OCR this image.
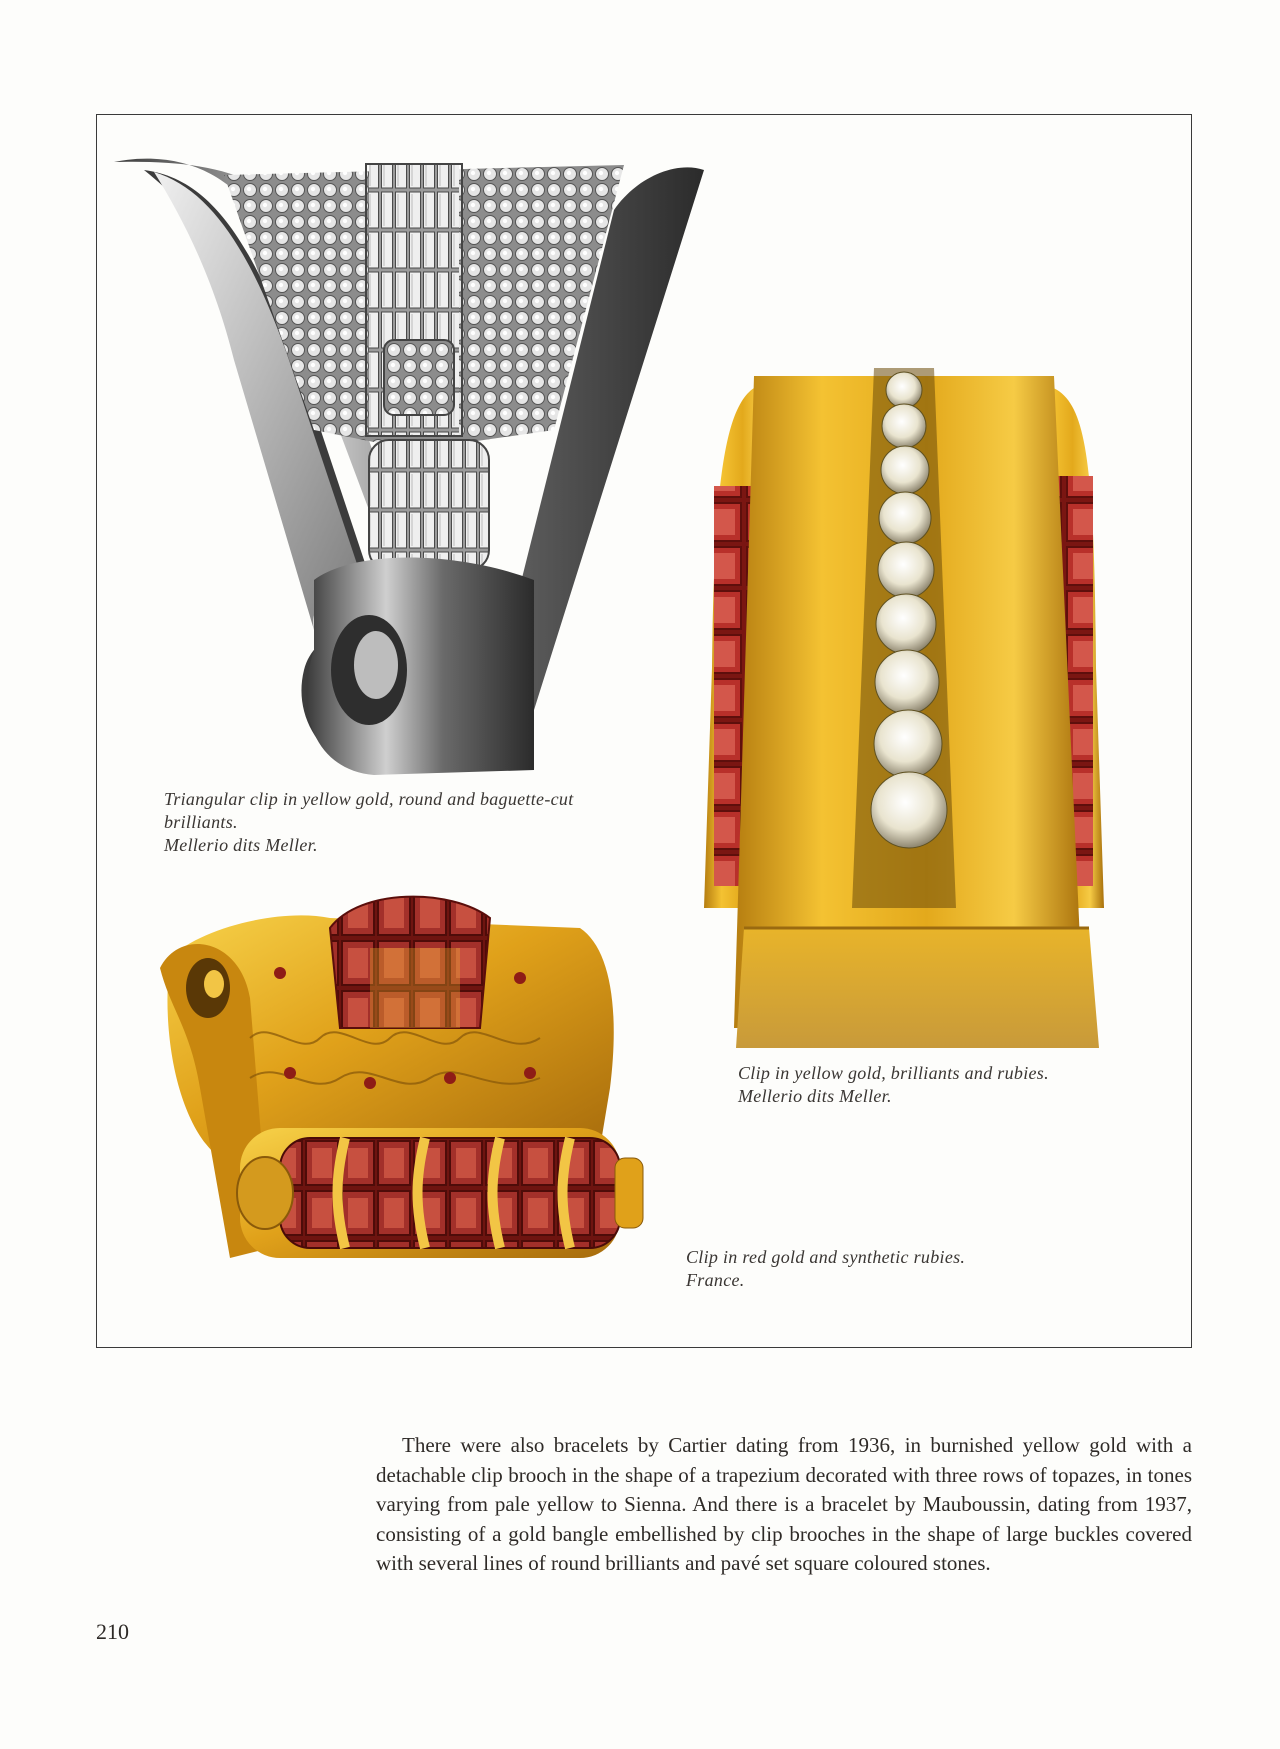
Triangular clip in yellow gold, round and baguette-cut
brilliants.
Mellerio dits Meller.
Clip in yellow gold, brilliants and rubies.
Mellerio dits Meller.
Clip in red gold and synthetic rubies.
France.

There were also bracelets by Cartier dating from 1936, in burnished yellow gold with a detachable clip brooch in the shape of a trapezium decorated with three rows of topazes, in tones varying from pale yellow to Sienna. And there is a bracelet by Mauboussin, dating from 1937, consisting of a gold bangle embellished by clip brooches in the shape of large buckles covered with several lines of round brilliants and pavé set square coloured stones.

210
